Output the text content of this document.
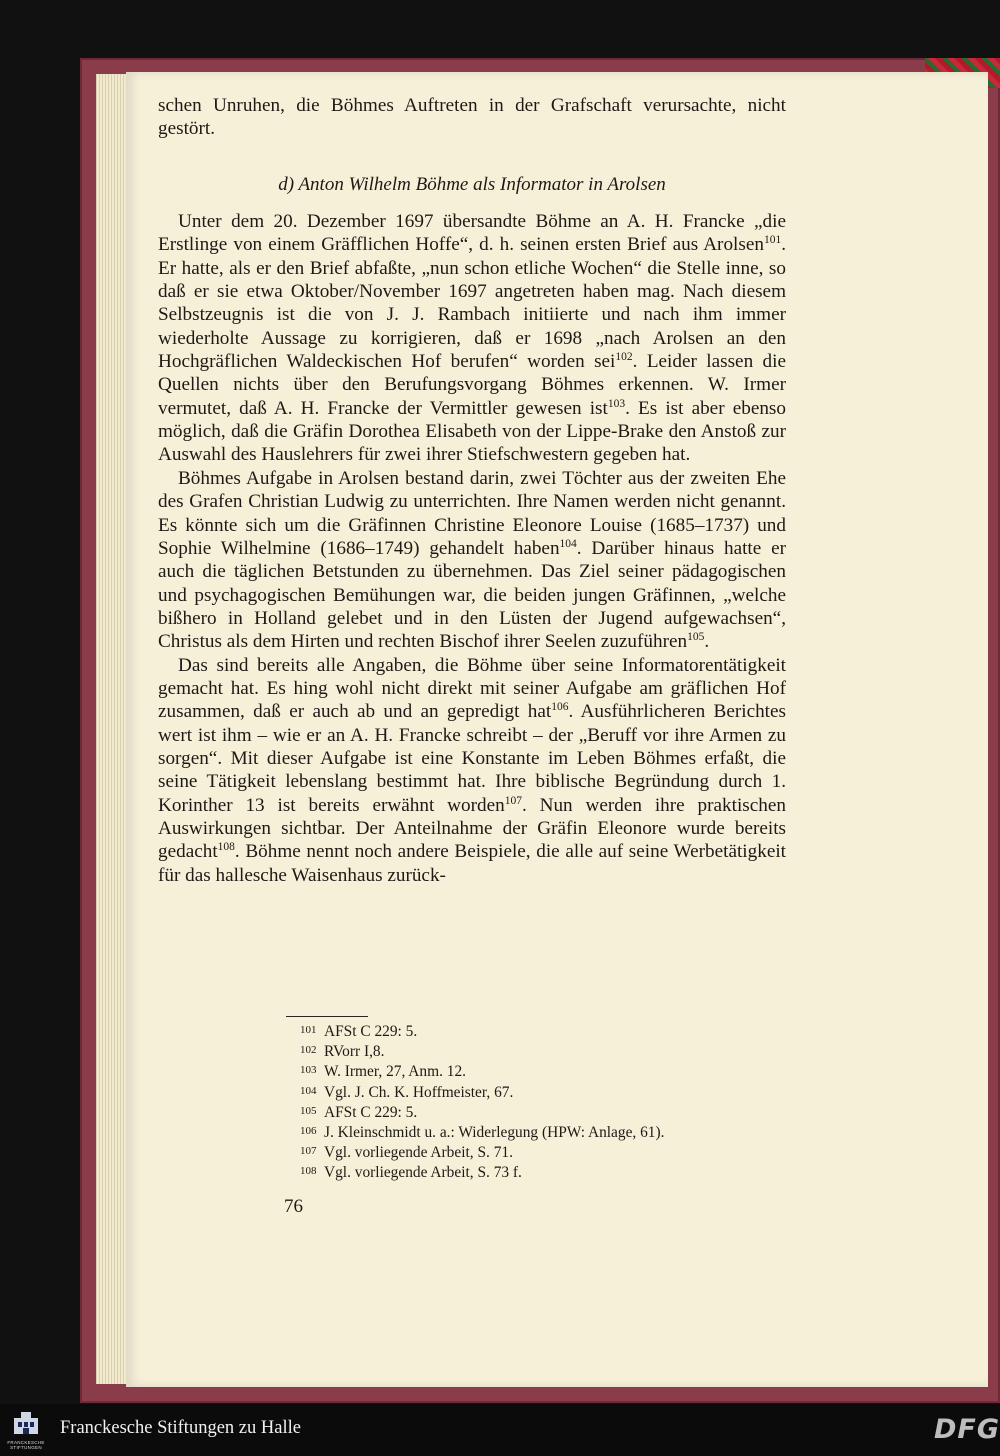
schen Unruhen, die Böhmes Auftreten in der Grafschaft verursachte, nicht gestört.

d) Anton Wilhelm Böhme als Informator in Arolsen

Unter dem 20. Dezember 1697 übersandte Böhme an A. H. Francke „die Erstlinge von einem Gräfflichen Hoffe“, d. h. seinen ersten Brief aus Arolsen$^{101}$. Er hatte, als er den Brief abfaßte, „nun schon etliche Wochen“ die Stelle inne, so daß er sie etwa Oktober/November 1697 angetreten haben mag. Nach diesem Selbstzeugnis ist die von J. J. Rambach initiierte und nach ihm immer wiederholte Aussage zu korrigieren, daß er 1698 „nach Arolsen an den Hochgräflichen Waldeckischen Hof berufen“ worden sei$^{102}$. Leider lassen die Quellen nichts über den Berufungsvorgang Böhmes erkennen. W. Irmer vermutet, daß A. H. Francke der Vermittler gewesen ist$^{103}$. Es ist aber ebenso möglich, daß die Gräfin Dorothea Elisabeth von der Lippe-Brake den Anstoß zur Auswahl des Hauslehrers für zwei ihrer Stiefschwestern gegeben hat.

Böhmes Aufgabe in Arolsen bestand darin, zwei Töchter aus der zweiten Ehe des Grafen Christian Ludwig zu unterrichten. Ihre Namen werden nicht genannt. Es könnte sich um die Gräfinnen Christine Eleonore Louise (1685–1737) und Sophie Wilhelmine (1686–1749) gehandelt haben$^{104}$. Darüber hinaus hatte er auch die täglichen Betstunden zu übernehmen. Das Ziel seiner pädagogischen und psychagogischen Bemühungen war, die beiden jungen Gräfinnen, „welche bißhero in Holland gelebet und in den Lüsten der Jugend aufgewachsen“, Christus als dem Hirten und rechten Bischof ihrer Seelen zuzuführen$^{105}$.

Das sind bereits alle Angaben, die Böhme über seine Informatorentätigkeit gemacht hat. Es hing wohl nicht direkt mit seiner Aufgabe am gräflichen Hof zusammen, daß er auch ab und an gepredigt hat$^{106}$. Ausführlicheren Berichtes wert ist ihm – wie er an A. H. Francke schreibt – der „Beruff vor ihre Armen zu sorgen“. Mit dieser Aufgabe ist eine Konstante im Leben Böhmes erfaßt, die seine Tätigkeit lebenslang bestimmt hat. Ihre biblische Begründung durch 1. Korinther 13 ist bereits erwähnt worden$^{107}$. Nun werden ihre praktischen Auswirkungen sichtbar. Der Anteilnahme der Gräfin Eleonore wurde bereits gedacht$^{108}$. Böhme nennt noch andere Beispiele, die alle auf seine Werbetätigkeit für das hallesche Waisenhaus zurück-

101 AFSt C 229: 5.
102 RVorr I,8.
103 W. Irmer, 27, Anm. 12.
104 Vgl. J. Ch. K. Hoffmeister, 67.
105 AFSt C 229: 5.
106 J. Kleinschmidt u. a.: Widerlegung (HPW: Anlage, 61).
107 Vgl. vorliegende Arbeit, S. 71.
108 Vgl. vorliegende Arbeit, S. 73 f.
76
FRANCKESCHE STIFTUNGEN
Franckesche Stiftungen zu Halle	DFG
